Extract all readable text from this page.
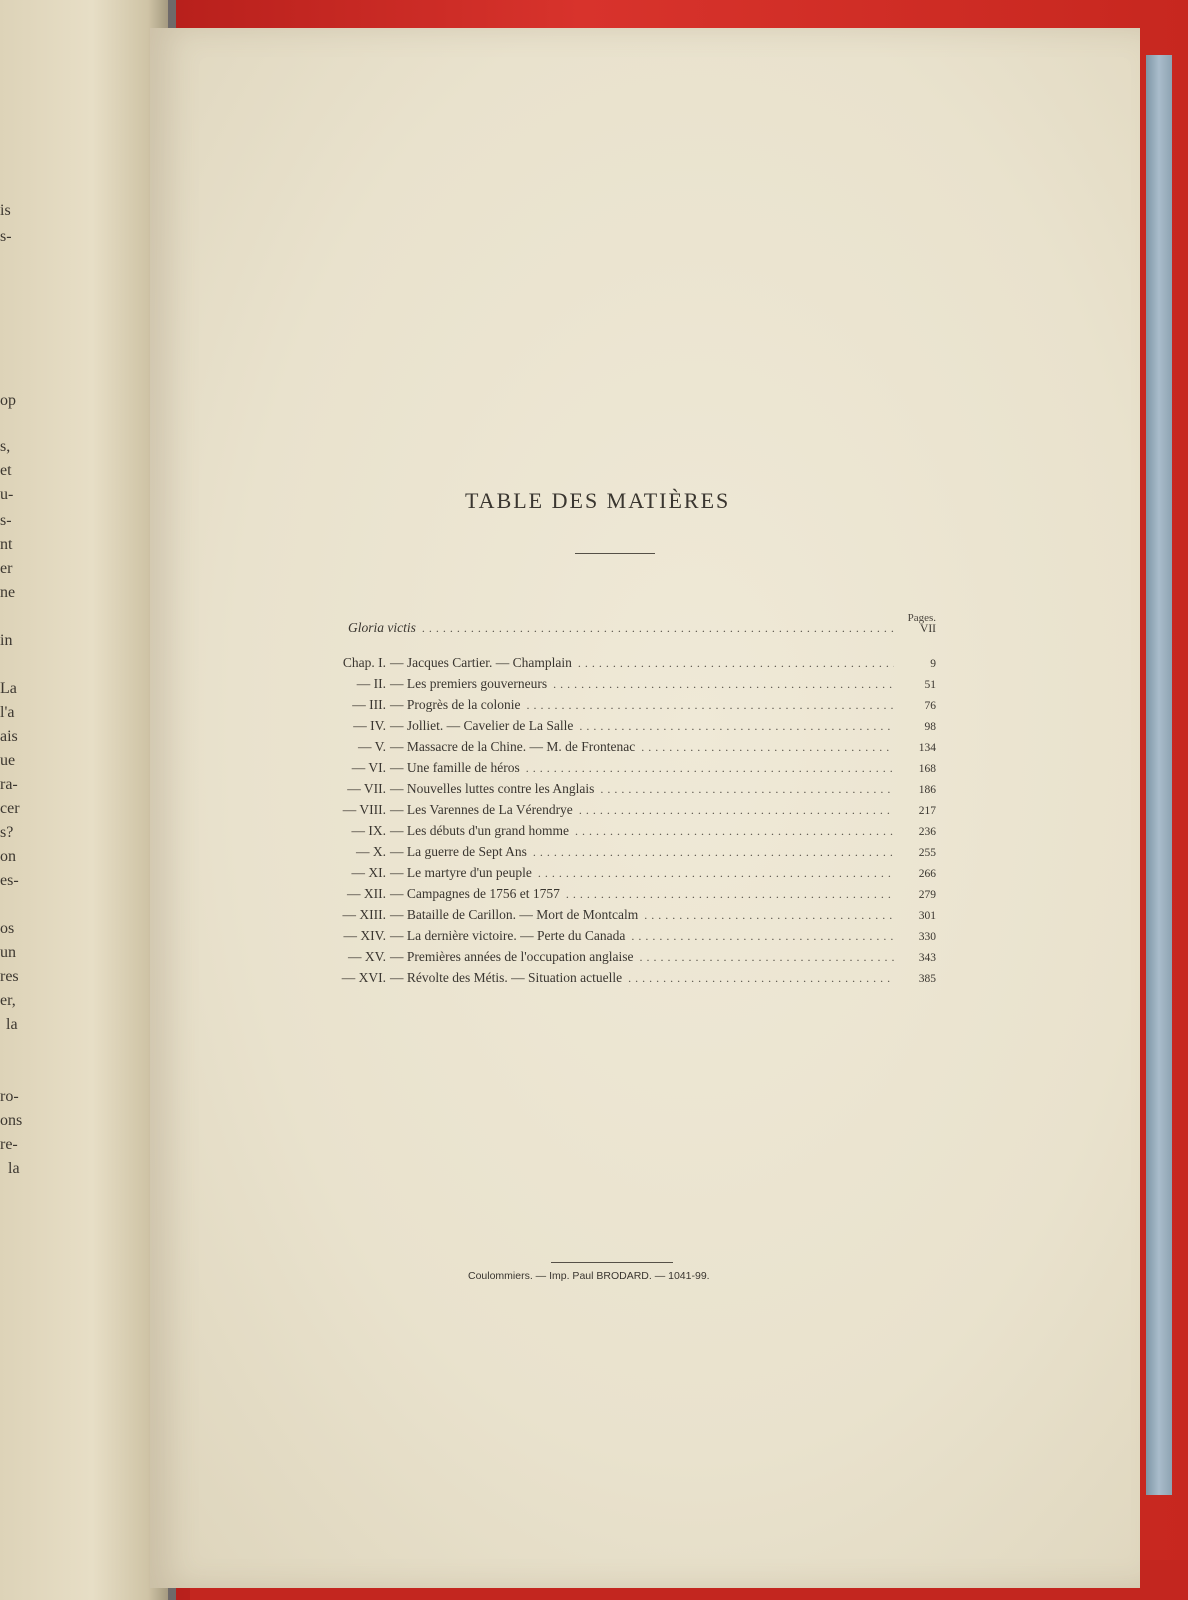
is
s-
op
s,
et
u-
s-
nt
er
ne
in
La
l'a
ais
ue
ra-
cer
s?
on
es-
os
un
res
er,
la
ro-
ons
re-
la
TABLE DES MATIÈRES
Pages.
Gloria victis .....	VII
Chap. I. — Jacques Cartier. — Champlain .....	9
— II. — Les premiers gouverneurs .....	51
— III. — Progrès de la colonie .....	76
— IV. — Jolliet. — Cavelier de La Salle .....	98
— V. — Massacre de la Chine. — M. de Frontenac .....	134
— VI. — Une famille de héros .....	168
— VII. — Nouvelles luttes contre les Anglais .....	186
— VIII. — Les Varennes de La Vérendrye .....	217
— IX. — Les débuts d'un grand homme .....	236
— X. — La guerre de Sept Ans .....	255
— XI. — Le martyre d'un peuple .....	266
— XII. — Campagnes de 1756 et 1757 .....	279
— XIII. — Bataille de Carillon. — Mort de Montcalm .....	301
— XIV. — La dernière victoire. — Perte du Canada .....	330
— XV. — Premières années de l'occupation anglaise .....	343
— XVI. — Révolte des Métis. — Situation actuelle .....	385
Coulommiers. — Imp. Paul BRODARD. — 1041-99.
